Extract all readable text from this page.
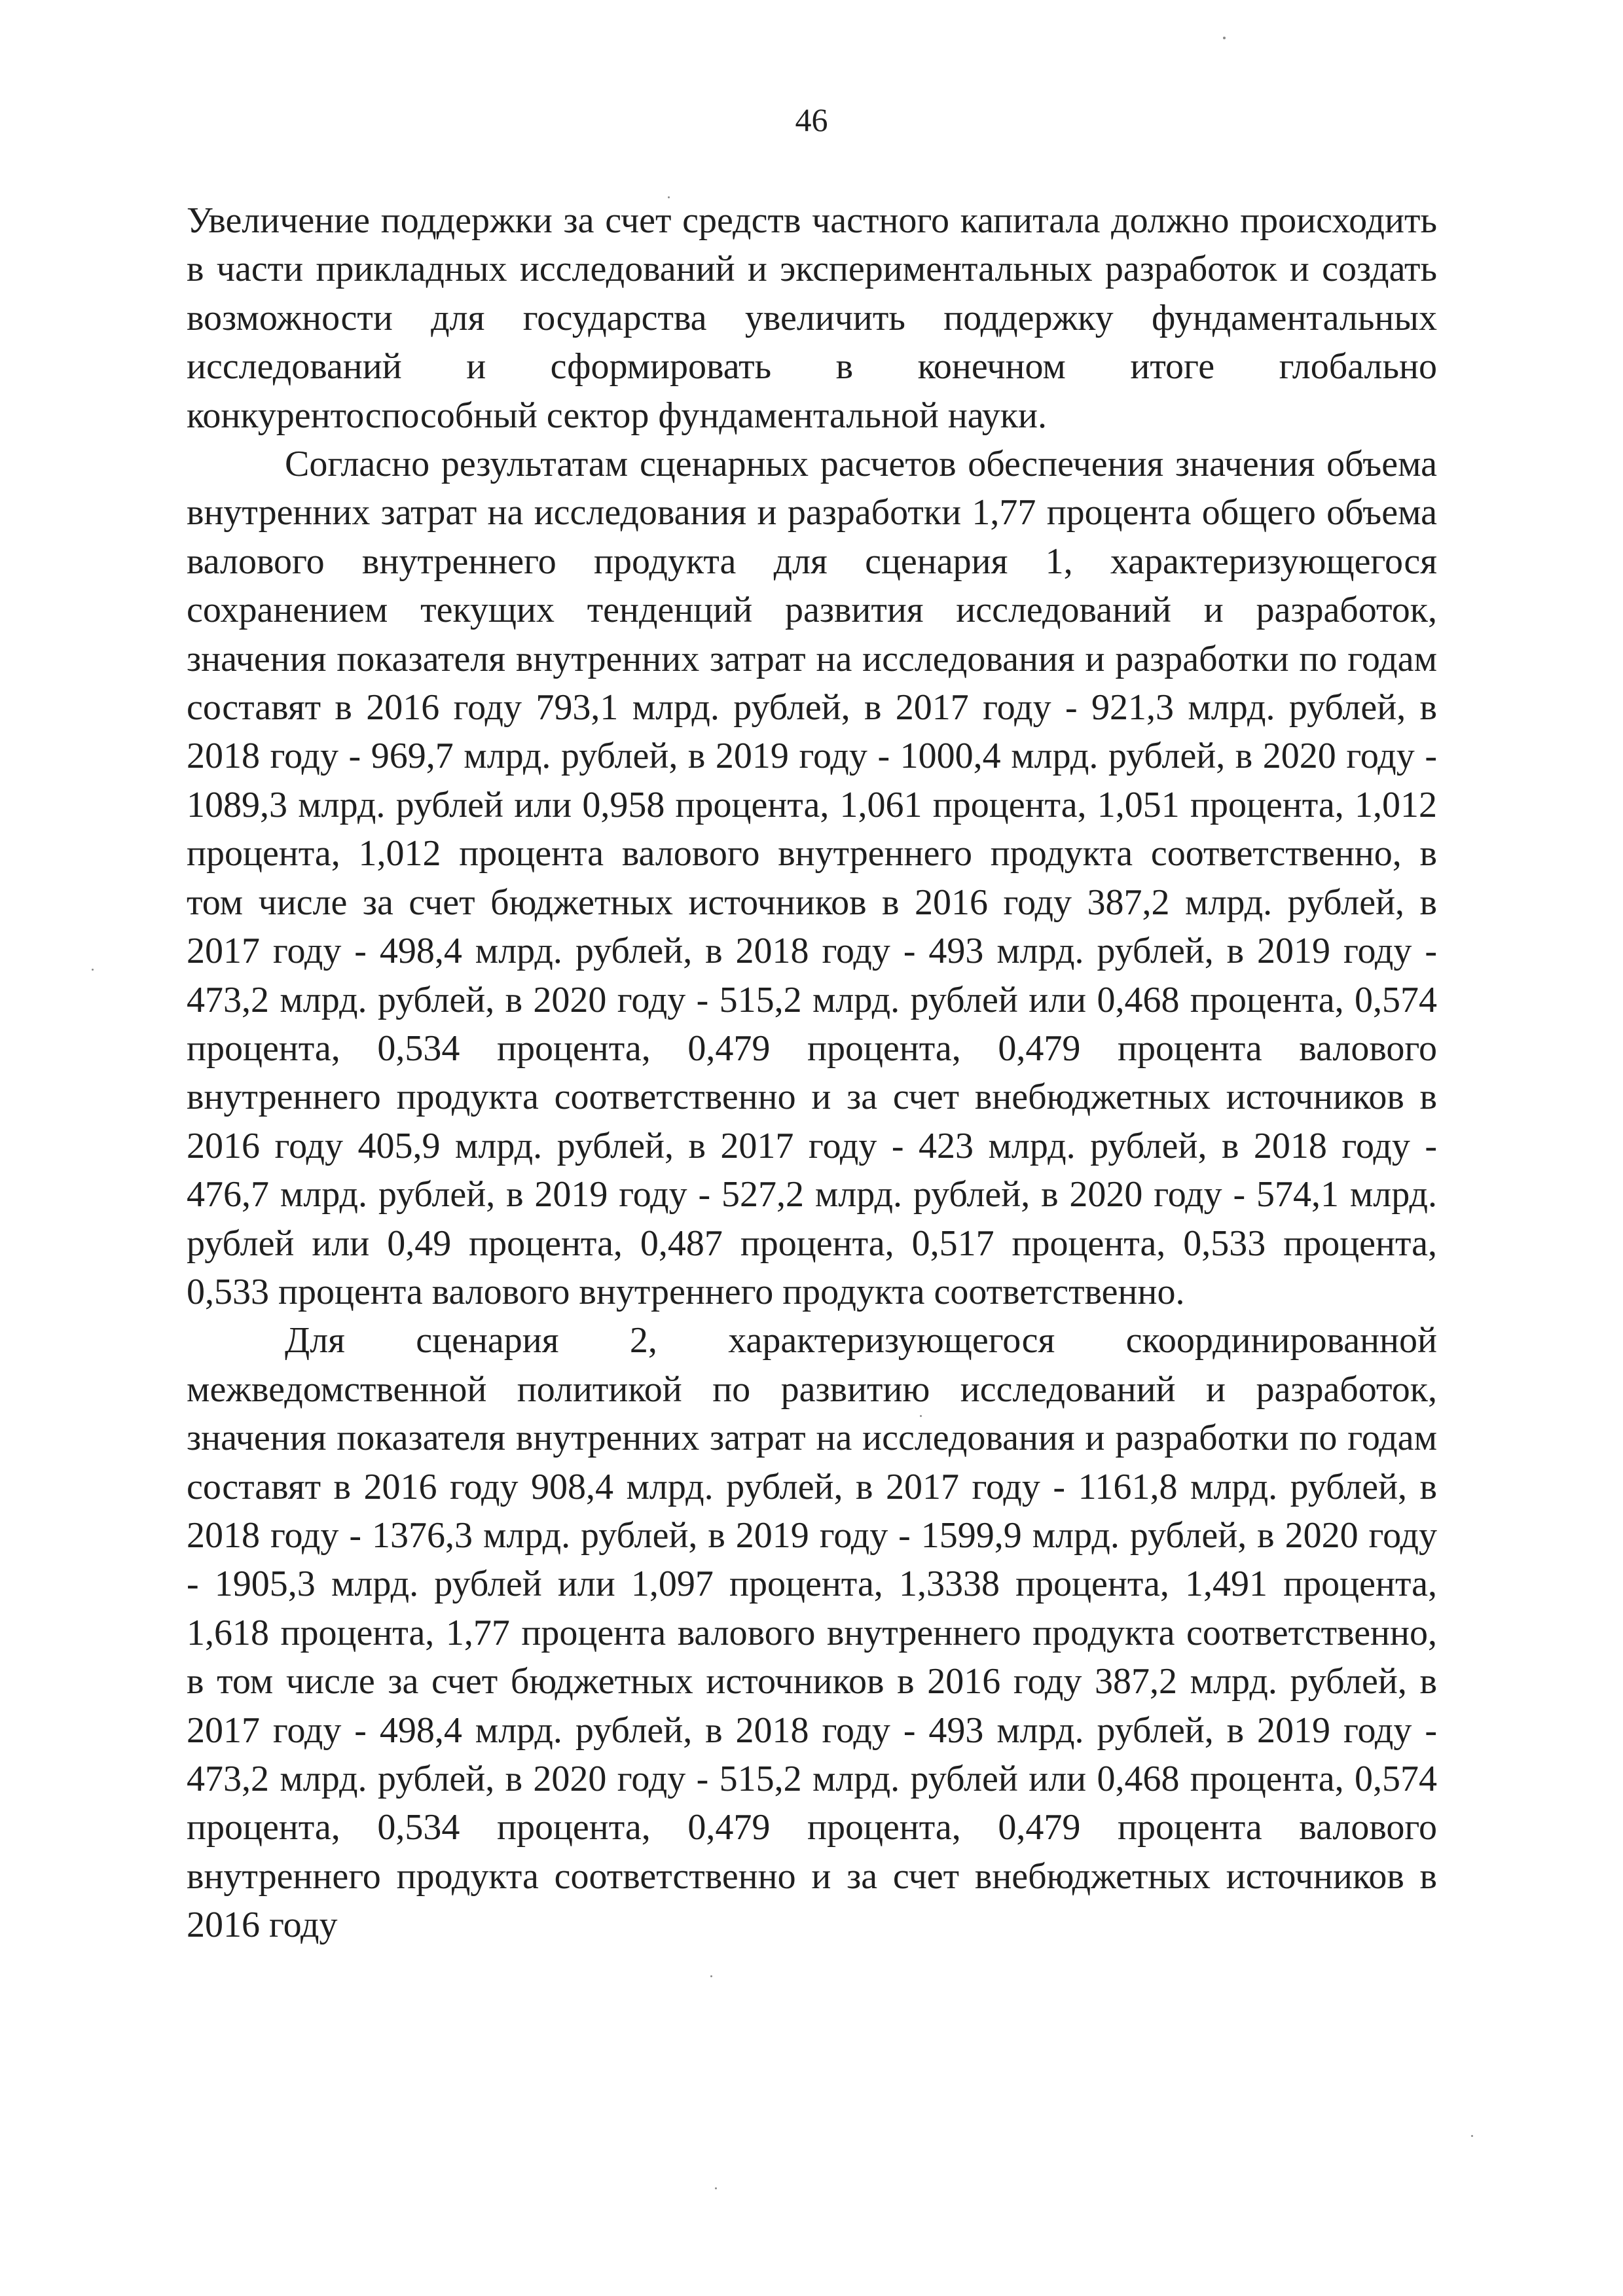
46

Увеличение поддержки за счет средств частного капитала должно происходить в части прикладных исследований и экспериментальных разработок и создать возможности для государства увеличить поддержку фундаментальных исследований и сформировать в конечном итоге глобально конкурентоспособный сектор фундаментальной науки.

Согласно результатам сценарных расчетов обеспечения значения объема внутренних затрат на исследования и разработки 1,77 процента общего объема валового внутреннего продукта для сценария 1, характеризующегося сохранением текущих тенденций развития исследований и разработок, значения показателя внутренних затрат на исследования и разработки по годам составят в 2016 году 793,1 млрд. рублей, в 2017 году - 921,3 млрд. рублей, в 2018 году - 969,7 млрд. рублей, в 2019 году - 1000,4 млрд. рублей, в 2020 году - 1089,3 млрд. рублей или 0,958 процента, 1,061 процента, 1,051 процента, 1,012 процента, 1,012 процента валового внутреннего продукта соответственно, в том числе за счет бюджетных источников в 2016 году 387,2 млрд. рублей, в 2017 году - 498,4 млрд. рублей, в 2018 году - 493 млрд. рублей, в 2019 году - 473,2 млрд. рублей, в 2020 году - 515,2 млрд. рублей или 0,468 процента, 0,574 процента, 0,534 процента, 0,479 процента, 0,479 процента валового внутреннего продукта соответственно и за счет внебюджетных источников в 2016 году 405,9 млрд. рублей, в 2017 году - 423 млрд. рублей, в 2018 году - 476,7 млрд. рублей, в 2019 году - 527,2 млрд. рублей, в 2020 году - 574,1 млрд. рублей или 0,49 процента, 0,487 процента, 0,517 процента, 0,533 процента, 0,533 процента валового внутреннего продукта соответственно.

Для сценария 2, характеризующегося скоординированной межведомственной политикой по развитию исследований и разработок, значения показателя внутренних затрат на исследования и разработки по годам составят в 2016 году 908,4 млрд. рублей, в 2017 году - 1161,8 млрд. рублей, в 2018 году - 1376,3 млрд. рублей, в 2019 году - 1599,9 млрд. рублей, в 2020 году - 1905,3 млрд. рублей или 1,097 процента, 1,3338 процента, 1,491 процента, 1,618 процента, 1,77 процента валового внутреннего продукта соответственно, в том числе за счет бюджетных источников в 2016 году 387,2 млрд. рублей, в 2017 году - 498,4 млрд. рублей, в 2018 году - 493 млрд. рублей, в 2019 году - 473,2 млрд. рублей, в 2020 году - 515,2 млрд. рублей или 0,468 процента, 0,574 процента, 0,534 процента, 0,479 процента, 0,479 процента валового внутреннего продукта соответственно и за счет внебюджетных источников в 2016 году
